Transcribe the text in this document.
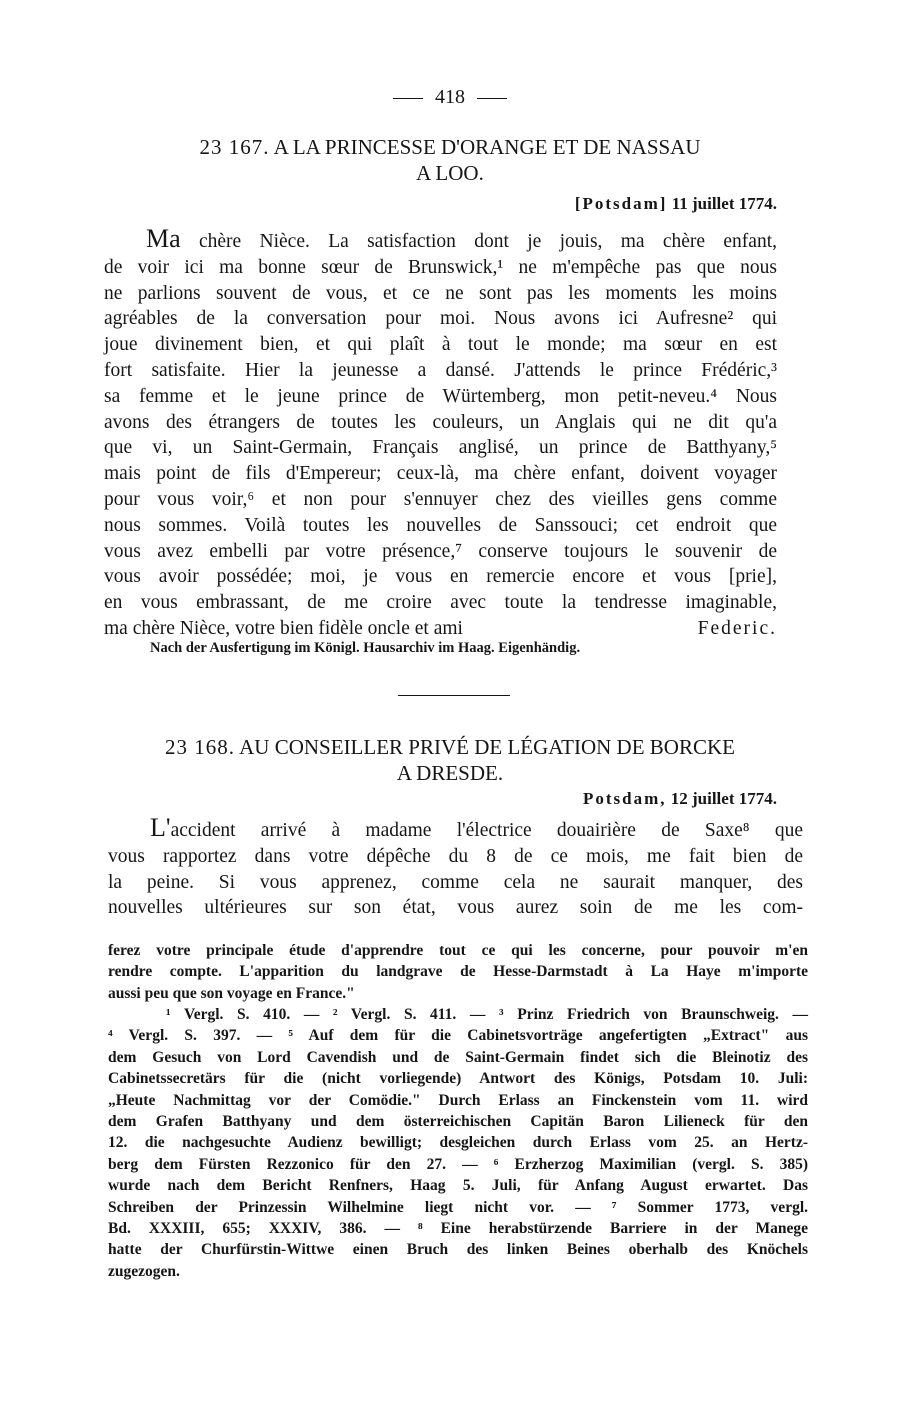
418
23 167. A LA PRINCESSE D'ORANGE ET DE NASSAU
A LOO.
[Potsdam] 11 juillet 1774.
Ma chère Nièce. La satisfaction dont je jouis, ma chère enfant,
de voir ici ma bonne sœur de Brunswick,¹ ne m'empêche pas que nous
ne parlions souvent de vous, et ce ne sont pas les moments les moins
agréables de la conversation pour moi. Nous avons ici Aufresne² qui
joue divinement bien, et qui plaît à tout le monde; ma sœur en est
fort satisfaite. Hier la jeunesse a dansé. J'attends le prince Frédéric,³
sa femme et le jeune prince de Würtemberg, mon petit-neveu.⁴ Nous
avons des étrangers de toutes les couleurs, un Anglais qui ne dit qu'a
que vi, un Saint-Germain, Français anglisé, un prince de Batthyany,⁵
mais point de fils d'Empereur; ceux-là, ma chère enfant, doivent voyager
pour vous voir,⁶ et non pour s'ennuyer chez des vieilles gens comme
nous sommes. Voilà toutes les nouvelles de Sanssouci; cet endroit que
vous avez embelli par votre présence,⁷ conserve toujours le souvenir de
vous avoir possédée; moi, je vous en remercie encore et vous [prie],
en vous embrassant, de me croire avec toute la tendresse imaginable,
ma chère Nièce, votre bien fidèle oncle et ami	Federic.
Nach der Ausfertigung im Königl. Hausarchiv im Haag. Eigenhändig.
23 168. AU CONSEILLER PRIVÉ DE LÉGATION DE BORCKE
A DRESDE.
Potsdam, 12 juillet 1774.
L'accident arrivé à madame l'électrice douairière de Saxe⁸ que
vous rapportez dans votre dépêche du 8 de ce mois, me fait bien de
la peine. Si vous apprenez, comme cela ne saurait manquer, des
nouvelles ultérieures sur son état, vous aurez soin de me les com-
ferez votre principale étude d'apprendre tout ce qui les concerne, pour pouvoir m'en
rendre compte. L'apparition du landgrave de Hesse-Darmstadt à La Haye m'importe
aussi peu que son voyage en France."
¹ Vergl. S. 410. — ² Vergl. S. 411. — ³ Prinz Friedrich von Braunschweig. —
⁴ Vergl. S. 397. — ⁵ Auf dem für die Cabinetsvorträge angefertigten „Extract" aus
dem Gesuch von Lord Cavendish und de Saint-Germain findet sich die Bleinotiz des
Cabinetssecretärs für die (nicht vorliegende) Antwort des Königs, Potsdam 10. Juli:
„Heute Nachmittag vor der Comödie." Durch Erlass an Finckenstein vom 11. wird
dem Grafen Batthyany und dem österreichischen Capitän Baron Lilieneck für den
12. die nachgesuchte Audienz bewilligt; desgleichen durch Erlass vom 25. an Hertz-
berg dem Fürsten Rezzonico für den 27. — ⁶ Erzherzog Maximilian (vergl. S. 385)
wurde nach dem Bericht Renfners, Haag 5. Juli, für Anfang August erwartet. Das
Schreiben der Prinzessin Wilhelmine liegt nicht vor. — ⁷ Sommer 1773, vergl.
Bd. XXXIII, 655; XXXIV, 386. — ⁸ Eine herabstürzende Barriere in der Manege
hatte der Churfürstin-Wittwe einen Bruch des linken Beines oberhalb des Knöchels
zugezogen.
